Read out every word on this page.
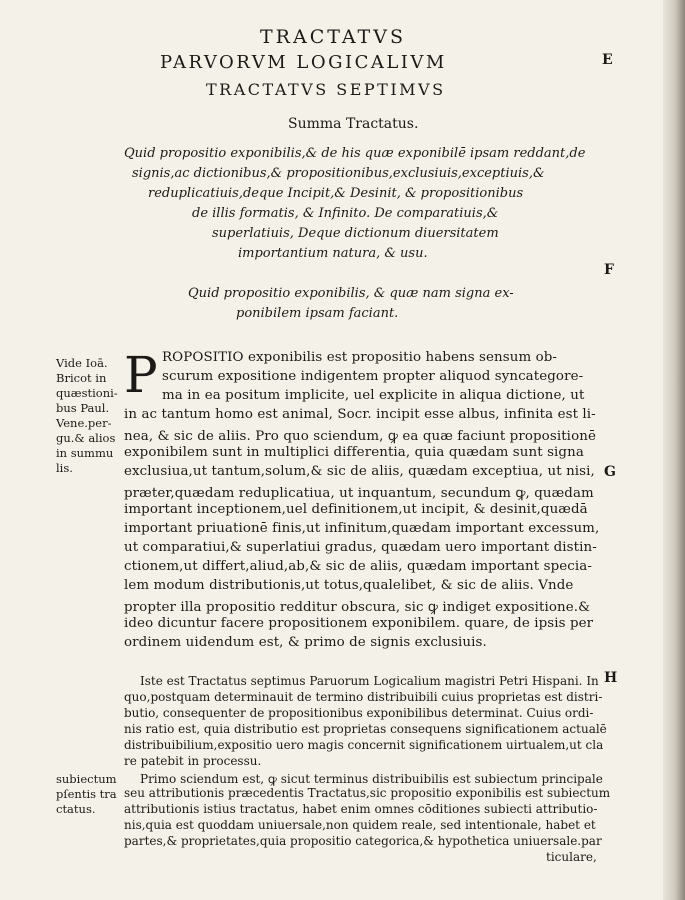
TRACTATVS
PARVORVM LOGICALIVM
TRACTATVS SEPTIMVS
Summa Tractatus.
Quid propositio exponibilis,& de his quæ exponibilē ipsam reddant,de
signis,ac dictionibus,& propositionibus,exclusiuis,exceptiuis,&
reduplicatiuis,deque Incipit,& Desinit, & propositionibus
de illis formatis, & Infinito. De comparatiuis,&
superlatiuis, Deque dictionum diuersitatem
importantium natura, & usu.
Quid propositio exponibilis, & quæ nam signa ex-
ponibilem ipsam faciant.
P ROPOSITIO exponibilis est propositio habens sensum ob-
scurum expositione indigentem propter aliquod syncategore-
ma in ea positum implicite, uel explicite in aliqua dictione, ut
in ac tantum homo est animal, Socr. incipit esse albus, infinita est li-
nea, & sic de aliis. Pro quo sciendum, ꝙ ea quæ faciunt propositionē
exponibilem sunt in multiplici differentia, quia quædam sunt signa
exclusiua,ut tantum,solum,& sic de aliis, quædam exceptiua, ut nisi,
præter,quædam reduplicatiua, ut inquantum, secundum ꝙ, quædam
important inceptionem,uel definitionem,ut incipit, & desinit,quædā
important priuationē finis,ut infinitum,quædam important excessum,
ut comparatiui,& superlatiui gradus, quædam uero important distin-
ctionem,ut differt,aliud,ab,& sic de aliis, quædam important specia-
lem modum distributionis,ut totus,qualelibet, & sic de aliis. Vnde
propter illa propositio redditur obscura, sic ꝙ indiget expositione.&
ideo dicuntur facere propositionem exponibilem. quare, de ipsis per
ordinem uidendum est, & primo de signis exclusiuis.
Vide Ioā.
Bricot in
quæstioni-
bus Paul.
Vene.per-
gu.& alios
in summu
lis.
Iste est Tractatus septimus Paruorum Logicalium magistri Petri Hispani. In
quo,postquam determinauit de termino distribuibili cuius proprietas est distri-
butio, consequenter de propositionibus exponibilibus determinat. Cuius ordi-
nis ratio est, quia distributio est proprietas consequens significationem actualē
distribuibilium,expositio uero magis concernit significationem uirtualem,ut cla
re patebit in processu.
Primo sciendum est, ꝙ sicut terminus distribuibilis est subiectum principale
seu attributionis præcedentis Tractatus,sic propositio exponibilis est subiectum
attributionis istius tractatus, habet enim omnes cōditiones subiecti attributio-
nis,quia est quoddam uniuersale,non quidem reale, sed intentionale, habet et
partes,& proprietates,quia propositio categorica,& hypothetica uniuersale.par
ticulare,
subiectum
pſentis tra
ctatus.
E
F
G
H
